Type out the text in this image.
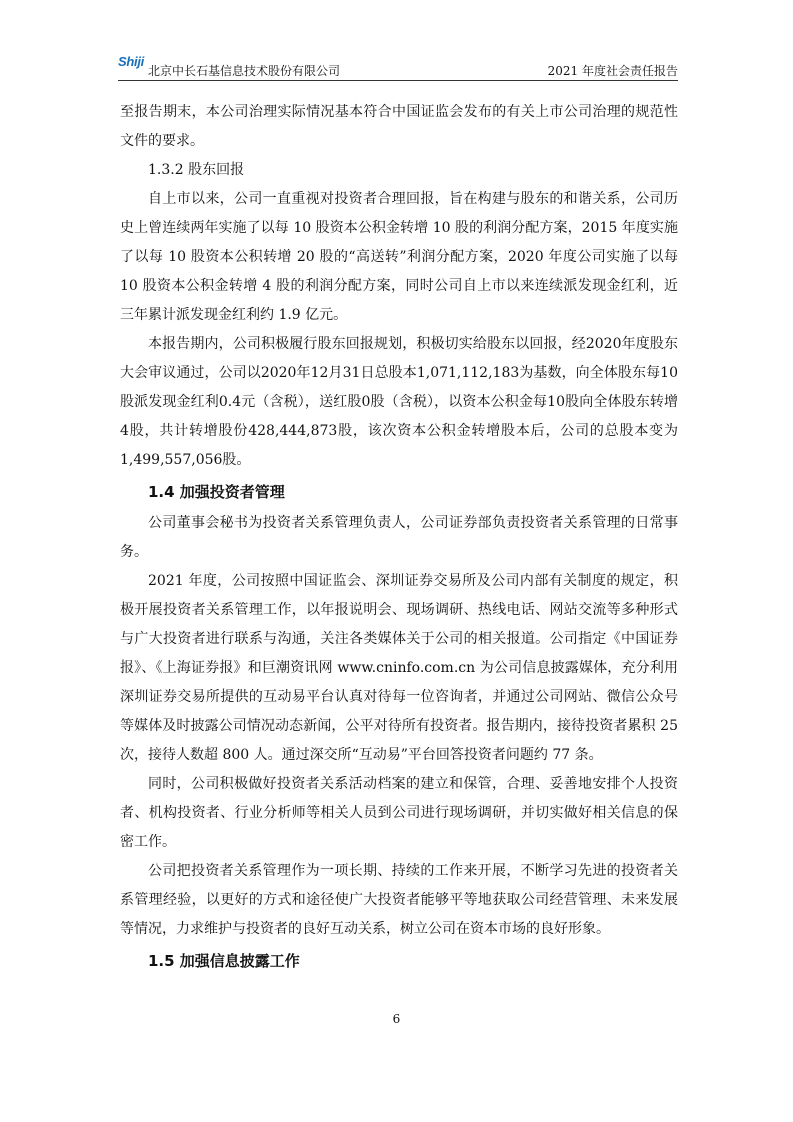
Shiji
北京中长石基信息技术股份有限公司	2021 年度社会责任报告

至报告期末，本公司治理实际情况基本符合中国证监会发布的有关上市公司治理的规范性文件的要求。

1.3.2 股东回报

自上市以来，公司一直重视对投资者合理回报，旨在构建与股东的和谐关系，公司历史上曾连续两年实施了以每 10 股资本公积金转增 10 股的利润分配方案，2015 年度实施了以每 10 股资本公积转增 20 股的“高送转”利润分配方案，2020 年度公司实施了以每 10 股资本公积金转增 4 股的利润分配方案，同时公司自上市以来连续派发现金红利，近三年累计派发现金红利约 1.9 亿元。

本报告期内，公司积极履行股东回报规划，积极切实给股东以回报，经2020年度股东大会审议通过，公司以2020年12月31日总股本1,071,112,183为基数，向全体股东每10股派发现金红利0.4元（含税），送红股0股（含税），以资本公积金每10股向全体股东转增4股，共计转增股份428,444,873股，该次资本公积金转增股本后，公司的总股本变为1,499,557,056股。

1.4 加强投资者管理

公司董事会秘书为投资者关系管理负责人，公司证券部负责投资者关系管理的日常事务。

2021 年度，公司按照中国证监会、深圳证券交易所及公司内部有关制度的规定，积极开展投资者关系管理工作，以年报说明会、现场调研、热线电话、网站交流等多种形式与广大投资者进行联系与沟通，关注各类媒体关于公司的相关报道。公司指定《中国证券报》、《上海证券报》和巨潮资讯网 www.cninfo.com.cn 为公司信息披露媒体，充分利用深圳证券交易所提供的互动易平台认真对待每一位咨询者，并通过公司网站、微信公众号等媒体及时披露公司情况动态新闻，公平对待所有投资者。报告期内，接待投资者累积 25 次，接待人数超 800 人。通过深交所“互动易”平台回答投资者问题约 77 条。

同时，公司积极做好投资者关系活动档案的建立和保管，合理、妥善地安排个人投资者、机构投资者、行业分析师等相关人员到公司进行现场调研，并切实做好相关信息的保密工作。

公司把投资者关系管理作为一项长期、持续的工作来开展，不断学习先进的投资者关系管理经验，以更好的方式和途径使广大投资者能够平等地获取公司经营管理、未来发展等情况，力求维护与投资者的良好互动关系，树立公司在资本市场的良好形象。

1.5 加强信息披露工作
6
